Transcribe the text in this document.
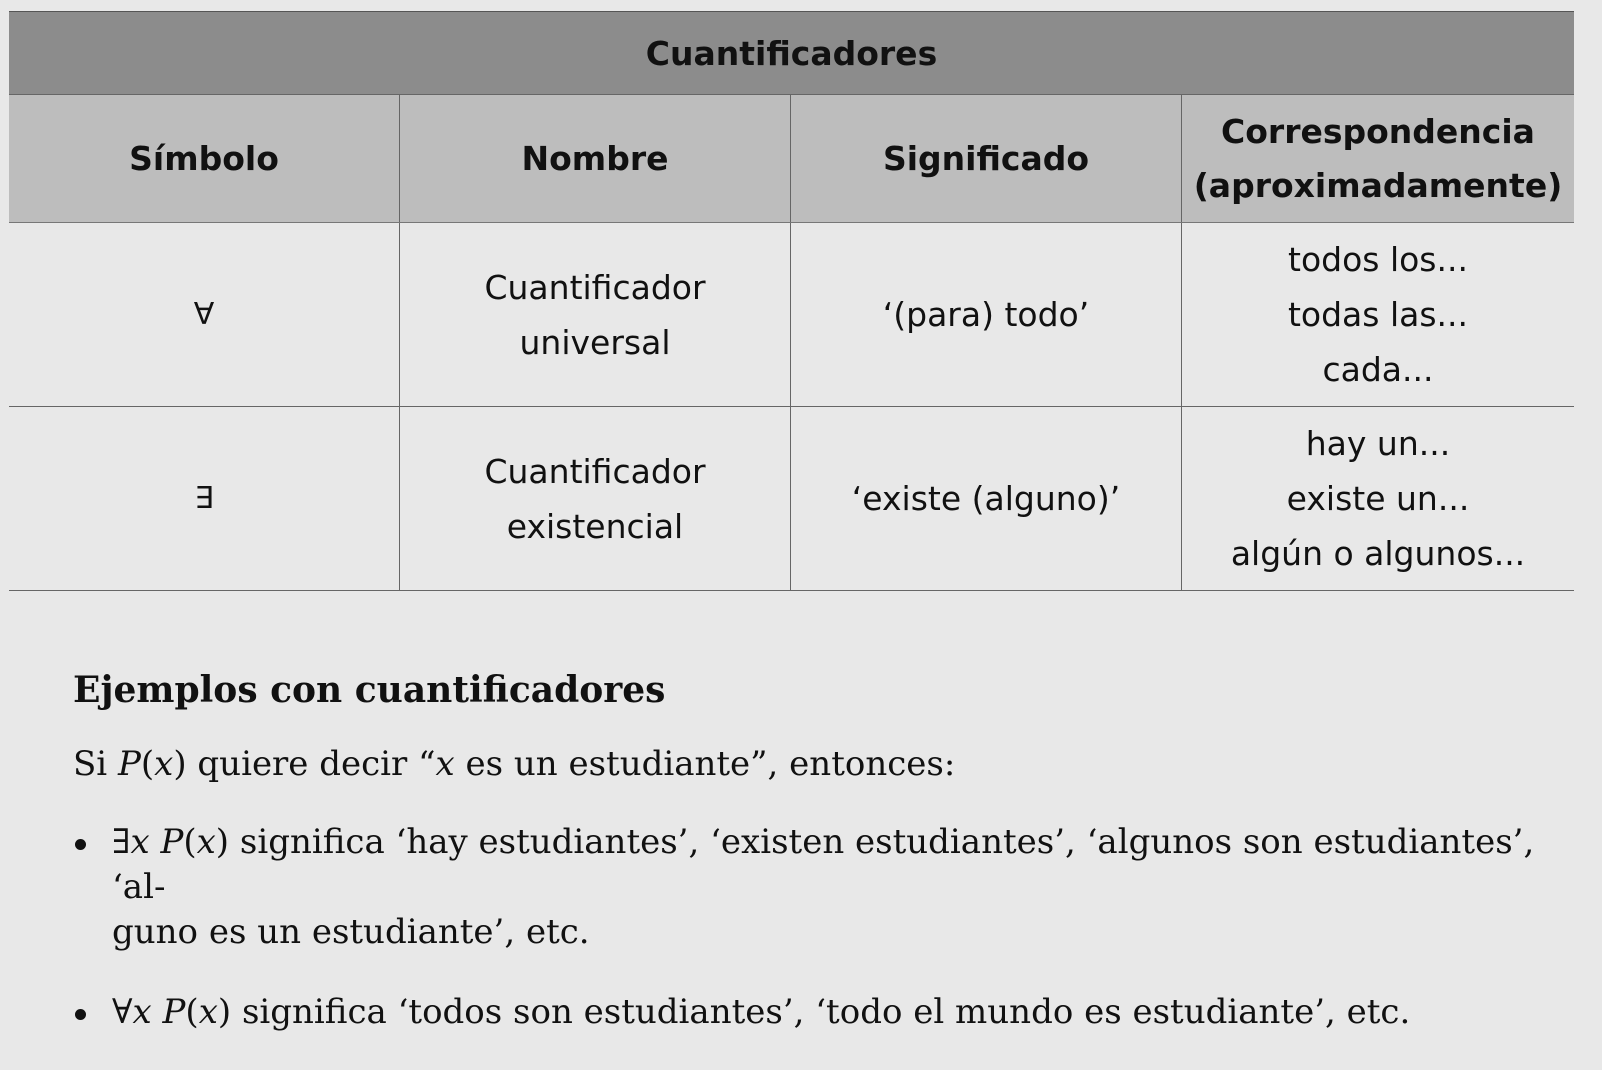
Cuantificadores
Símbolo	Nombre	Significado
Correspondencia
(aproximadamente)
∀
Cuantificador
universal
‘(para) todo’
todos los...
todas las...
cada...
∃
Cuantificador
existencial
‘existe (alguno)’
hay un...
existe un...
algún o algunos...
Ejemplos con cuantificadores

Si P(x) quiere decir “x es un estudiante”, entonces:

∃x P(x) significa ‘hay estudiantes’, ‘existen estudiantes’, ‘algunos son estudiantes’, ‘al-
guno es un estudiante’, etc.
∀x P(x) significa ‘todos son estudiantes’, ‘todo el mundo es estudiante’, etc.
